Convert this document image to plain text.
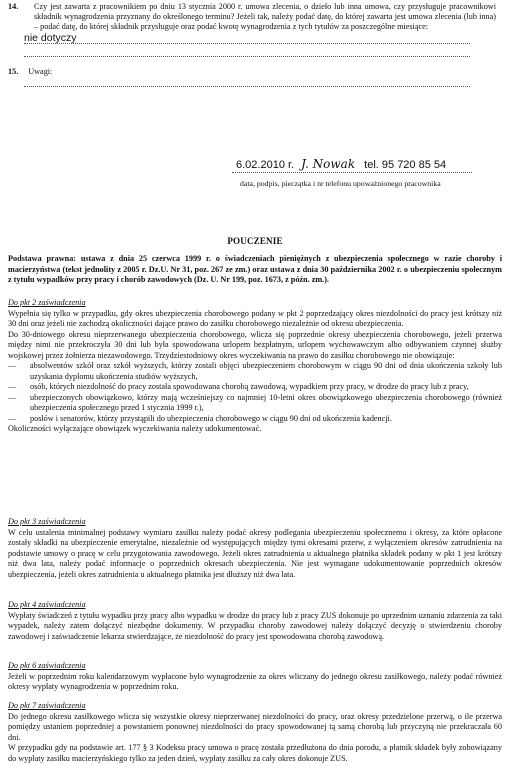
14. Czy jest zawarta z pracownikiem po dniu 13 stycznia 2000 r. umowa zlecenia, o dzieło lub inna umowa, czy przysługuje pracownikowi składnik wynagrodzenia przyznany do określonego terminu? Jeżeli tak, należy podać datę, do której zawarta jest umowa zlecenia (lub inna) – podać datę, do której składnik przysługuje oraz podać kwotę wynagrodzenia z tych tytułów za poszczególne miesiące:
nie dotyczy
15. Uwagi:
6.02.2010 r. J. Nowak tel. 95 720 85 54
data, podpis, pieczątka i nr telefonu upoważnionego pracownika
POUCZENIE
Podstawa prawna: ustawa z dnia 25 czerwca 1999 r. o świadczeniach pieniężnych z ubezpieczenia społecznego w razie choroby i macierzyństwa (tekst jednolity z 2005 r. Dz.U. Nr 31, poz. 267 ze zm.) oraz ustawa z dnia 30 października 2002 r. o ubezpieczeniu społecznym z tytułu wypadków przy pracy i chorób zawodowych (Dz. U. Nr 199, poz. 1673, z późn. zm.).
Do pkt 2 zaświadczenia

Wypełnia się tylko w przypadku, gdy okres ubezpieczenia chorobowego podany w pkt 2 poprzedzający okres niezdolności do pracy jest krótszy niż 30 dni oraz jeżeli nie zachodzą okoliczności dające prawo do zasiłku chorobowego niezależnie od okresu ubezpieczenia.

Do 30-dniowego okresu nieprzerwanego ubezpieczenia chorobowego, wlicza się poprzednie okresy ubezpieczenia chorobowego, jeżeli przerwa między nimi nie przekroczyła 30 dni lub była spowodowana urlopem bezpłatnym, urlopem wychowawczym albo odbywaniem czynnej służby wojskowej przez żołnierza niezawodowego. Trzydziestodniowy okres wyczekiwania na prawo do zasiłku chorobowego nie obowiązuje:

— absolwentów szkół oraz szkół wyższych, którzy zostali objęci ubezpieczeniem chorobowym w ciągu 90 dni od dnia ukończenia szkoły lub uzyskania dyplomu ukończenia studiów wyższych,
— osób, których niezdolność do pracy została spowodowana chorobą zawodową, wypadkiem przy pracy, w drodze do pracy lub z pracy,
— ubezpieczonych obowiązkowo, którzy mają wcześniejszy co najmniej 10-letni okres obowiązkowego ubezpieczenia chorobowego (również ubezpieczenia społecznego przed 1 stycznia 1999 r.),
— posłów i senatorów, którzy przystąpili do ubezpieczenia chorobowego w ciągu 90 dni od ukończenia kadencji.

Okoliczności wyłączające obowiązek wyczekiwania należy udokumentować.

Do pkt 3 zaświadczenia

W celu ustalenia minimalnej podstawy wymiaru zasiłku należy podać okresy podlegania ubezpieczeniu społecznemu i okresy, za które opłacone zostały składki na ubezpieczenie emerytalne, niezależnie od występujących między tymi okresami przerw, z wyłączeniem okresów zatrudnienia na podstawie umowy o pracę w celu przygotowania zawodowego. Jeżeli okres zatrudnienia u aktualnego płatnika składek podany w pkt 1 jest krótszy niż dwa lata, należy podać informacje o poprzednich okresach ubezpieczenia. Nie jest wymagane udokumentowanie poprzednich okresów ubezpieczenia, jeżeli okres zatrudnienia u aktualnego płatnika jest dłuższy niż dwa lata.

Do pkt 4 zaświadczenia

Wypłaty świadczeń z tytułu wypadku przy pracy albo wypadku w drodze do pracy lub z pracy ZUS dokonuje po uprzednim uznaniu zdarzenia za taki wypadek, należy zatem dołączyć niezbędne dokumenty. W przypadku choroby zawodowej należy dołączyć decyzję o stwierdzeniu choroby zawodowej i zaświadczenie lekarza stwierdzające, że niezdolność do pracy jest spowodowana chorobą zawodową.

Do pkt 6 zaświadczenia

Jeżeli w poprzednim roku kalendarzowym wypłacone było wynagrodzenie za okres wliczany do jednego okresu zasiłkowego, należy podać również okresy wypłaty wynagrodzenia w poprzednim roku.

Do pkt 7 zaświadczenia

Do jednego okresu zasiłkowego wlicza się wszystkie okresy nieprzerwanej niezdolności do pracy, oraz okresy przedzielone przerwą, o ile przerwa pomiędzy ustaniem poprzedniej a powstaniem ponownej niezdolności do pracy spowodowanej tą samą chorobą lub przyczyną nie przekraczała 60 dni.

W przypadku gdy na podstawie art. 177 § 3 Kodeksu pracy umowa o pracę została przedłużona do dnia porodu, a płatnik składek były zobowiązany do wypłaty zasiłku macierzyńskiego tylko za jeden dzień, wypłaty zasiłku za cały okres dokonuje ZUS.
